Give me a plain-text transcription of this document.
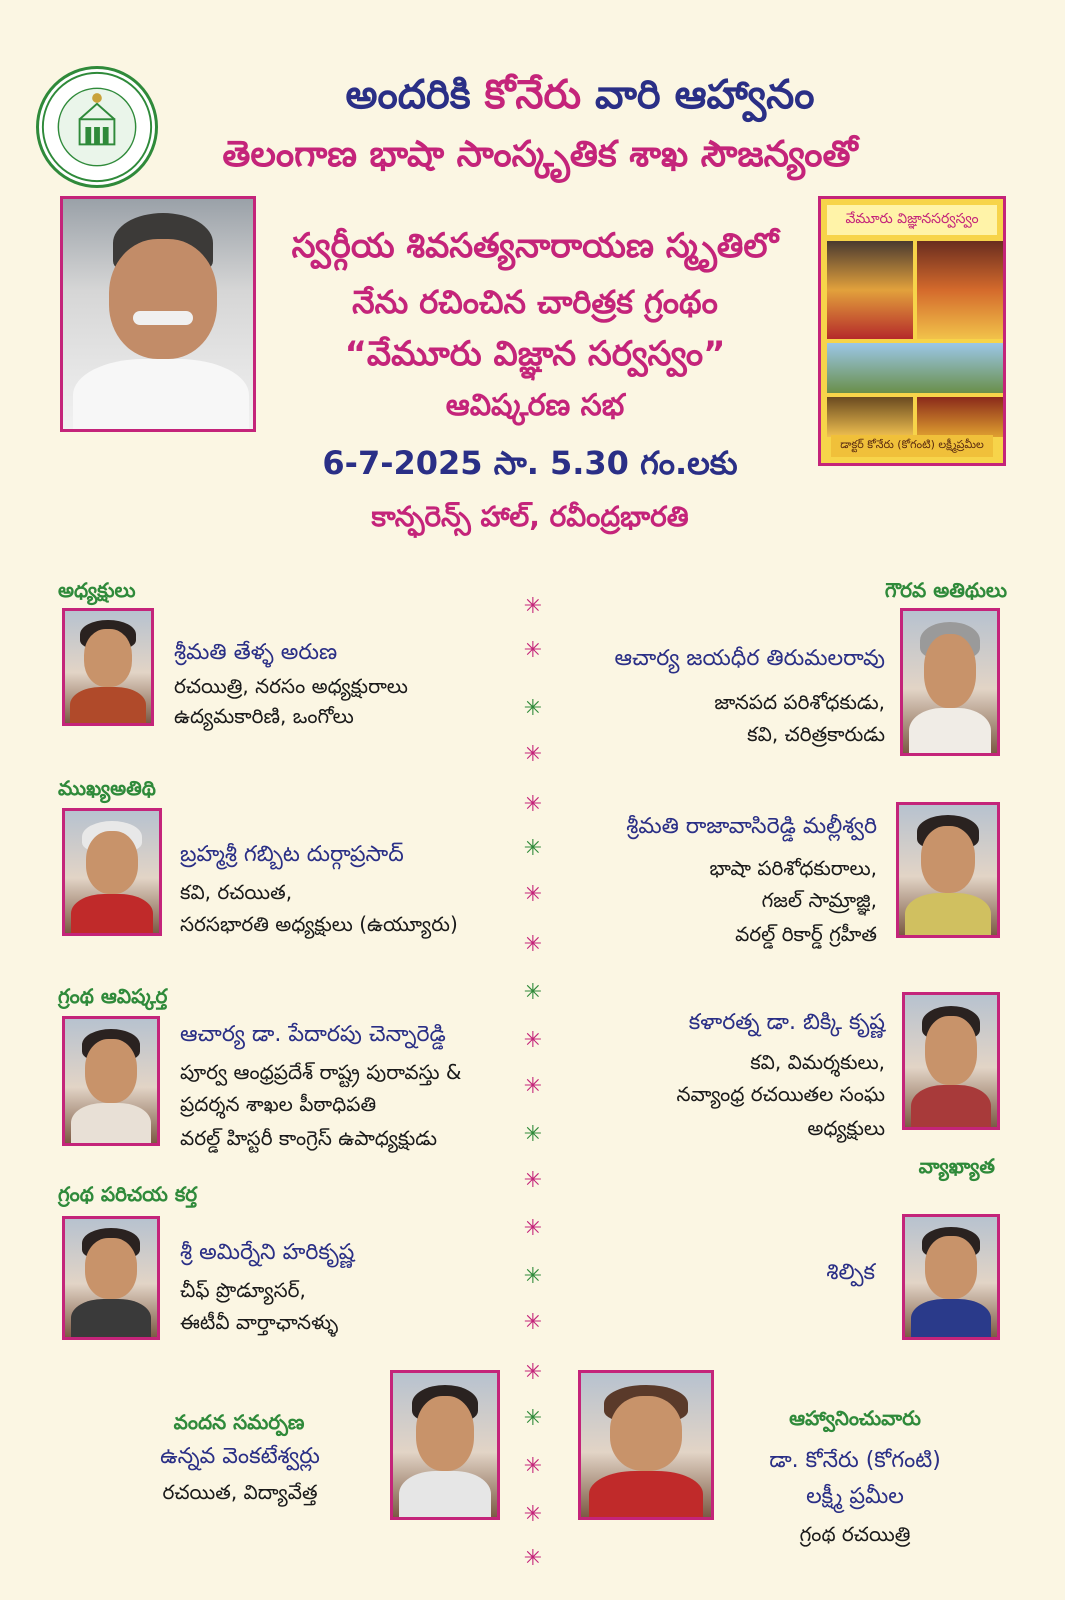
అందరికి కోనేరు వారి ఆహ్వానం
తెలంగాణ భాషా సాంస్కృతిక శాఖ సౌజన్యంతో
వేమూరు విజ్ఞానసర్వస్వం
డాక్టర్ కోనేరు (కోగంటి) లక్ష్మీప్రమీల
స్వర్గీయ శివసత్యనారాయణ స్మృతిలో
నేను రచించిన చారిత్రక గ్రంథం
“వేమూరు విజ్ఞాన సర్వస్వం”
ఆవిష్కరణ సభ
6-7-2025 సా. 5.30 గం.లకు
కాన్ఫరెన్స్ హాల్, రవీంద్రభారతి
✳
✳
✳
✳
✳
✳
✳
✳
✳
✳
✳
✳
✳
✳
✳
✳
✳
✳
✳
✳
✳
అధ్యక్షులు
శ్రీమతి తేళ్ళ అరుణ
రచయిత్రి, నరసం అధ్యక్షురాలు
ఉద్యమకారిణి, ఒంగోలు
ముఖ్యఅతిథి
బ్రహ్మశ్రీ గబ్బిట దుర్గాప్రసాద్
కవి, రచయిత,
సరసభారతి అధ్యక్షులు (ఉయ్యూరు)
గ్రంథ ఆవిష్కర్త
ఆచార్య డా. పేదారపు చెన్నారెడ్డి
పూర్వ ఆంధ్రప్రదేశ్ రాష్ట్ర పురావస్తు &
ప్రదర్శన శాఖల పీఠాధిపతి
వరల్డ్ హిస్టరీ కాంగ్రెస్ ఉపాధ్యక్షుడు
గ్రంథ పరిచయ కర్త
శ్రీ అమిర్నేని హరికృష్ణ
చీఫ్ ప్రొడ్యూసర్,
ఈటీవీ వార్తాఛానళ్ళు
వందన సమర్పణ
ఉన్నవ వెంకటేశ్వర్లు
రచయిత, విద్యావేత్త
గౌరవ అతిథులు
ఆచార్య జయధీర తిరుమలరావు
జానపద పరిశోధకుడు,
కవి, చరిత్రకారుడు
శ్రీమతి రాజావాసిరెడ్డి మల్లీశ్వరి
భాషా పరిశోధకురాలు,
గజల్ సామ్రాజ్ఞి,
వరల్డ్ రికార్డ్ గ్రహీత
కళారత్న డా. బిక్కి కృష్ణ
కవి, విమర్శకులు,
నవ్యాంధ్ర రచయితల సంఘ
అధ్యక్షులు
వ్యాఖ్యాత
శిల్పిక
ఆహ్వానించువారు
డా. కోనేరు (కోగంటి)
లక్ష్మీ ప్రమీల
గ్రంథ రచయిత్రి
